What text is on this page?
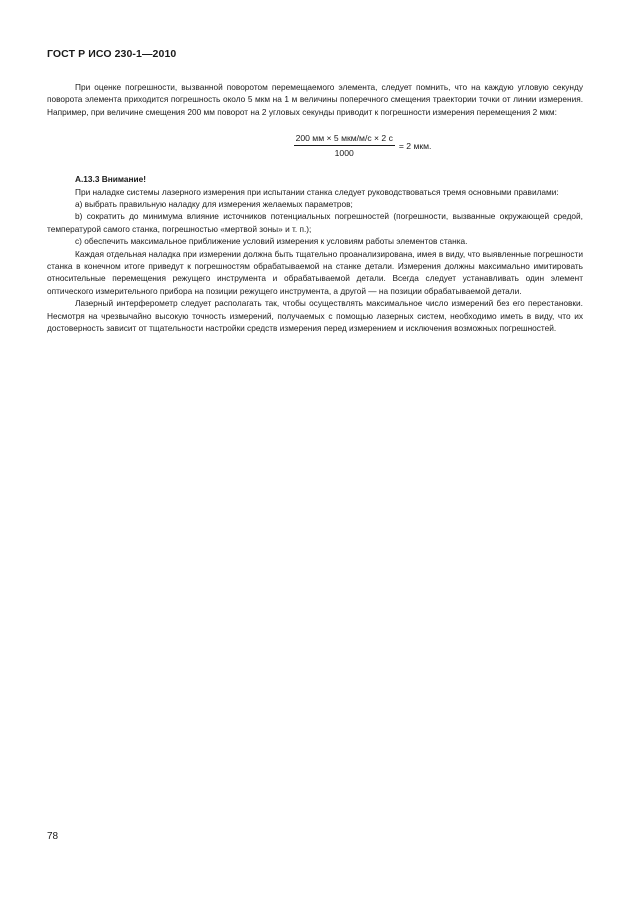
ГОСТ Р ИСО 230-1—2010

При оценке погрешности, вызванной поворотом перемещаемого элемента, следует помнить, что на каждую угловую секунду поворота элемента приходится погрешность около 5 мкм на 1 м величины поперечного смещения траектории точки от линии измерения. Например, при величине смещения 200 мм поворот на 2 угловых секунды приводит к погрешности измерения перемещения 2 мкм:

$\frac{\text{200 мм × 5 мкм/м/с × 2 с}}{1000} = 2$ мкм.

А.13.3 Внимание!

При наладке системы лазерного измерения при испытании станка следует руководствоваться тремя основными правилами:

a) выбрать правильную наладку для измерения желаемых параметров;

b) сократить до минимума влияние источников потенциальных погрешностей (погрешности, вызванные окружающей средой, температурой самого станка, погрешностью «мертвой зоны» и т. п.);

c) обеспечить максимальное приближение условий измерения к условиям работы элементов станка.

Каждая отдельная наладка при измерении должна быть тщательно проанализирована, имея в виду, что выявленные погрешности станка в конечном итоге приведут к погрешностям обрабатываемой на станке детали. Измерения должны максимально имитировать относительные перемещения режущего инструмента и обрабатываемой детали. Всегда следует устанавливать один элемент оптического измерительного прибора на позиции режущего инструмента, а другой — на позиции обрабатываемой детали.

Лазерный интерферометр следует располагать так, чтобы осуществлять максимальное число измерений без его перестановки. Несмотря на чрезвычайно высокую точность измерений, получаемых с помощью лазерных систем, необходимо иметь в виду, что их достоверность зависит от тщательности настройки средств измерения перед измерением и исключения возможных погрешностей.

78
